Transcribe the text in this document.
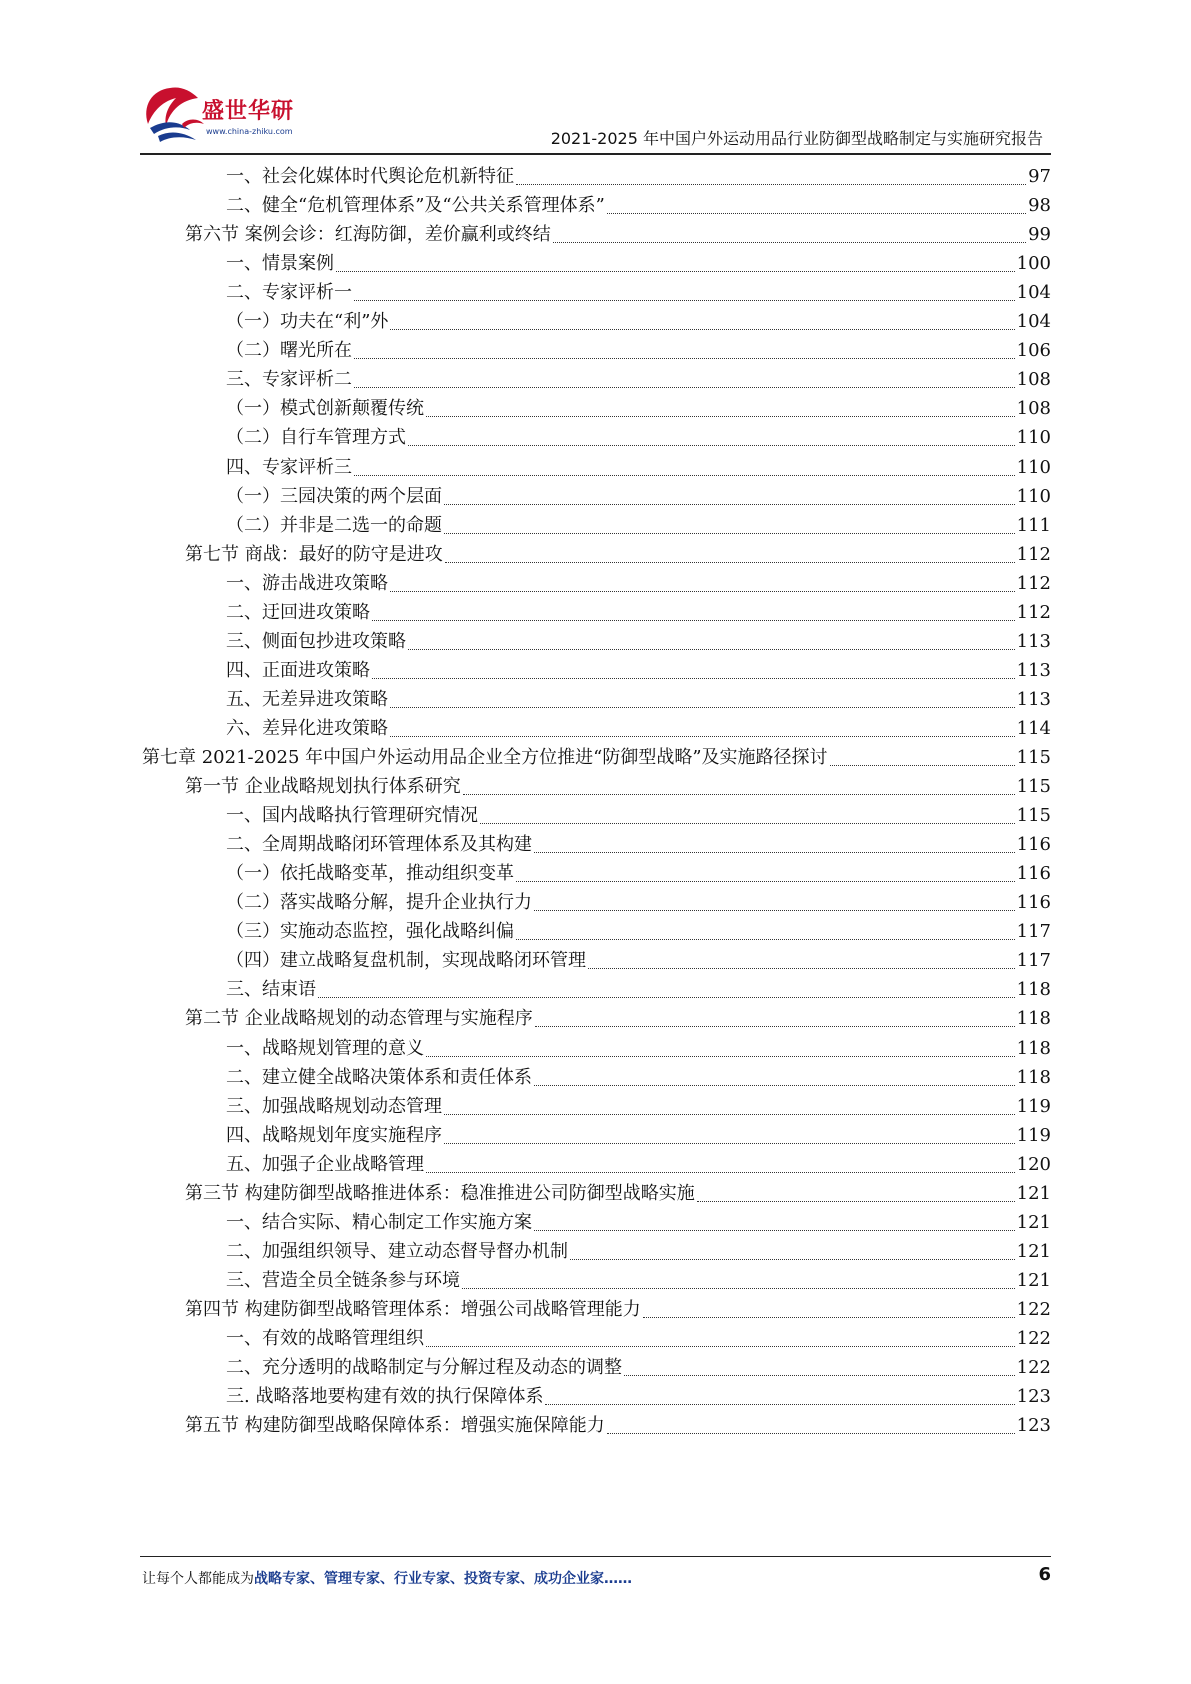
盛世华研
www.china-zhiku.com	2021-2025 年中国户外运动用品行业防御型战略制定与实施研究报告
一、社会化媒体时代舆论危机新特征	97
二、健全“危机管理体系”及“公共关系管理体系”	98
第六节 案例会诊：红海防御，差价赢利或终结	99
一、情景案例	100
二、专家评析一	104
（一）功夫在“利”外	104
（二）曙光所在	106
三、专家评析二	108
（一）模式创新颠覆传统	108
（二）自行车管理方式	110
四、专家评析三	110
（一）三园决策的两个层面	110
（二）并非是二选一的命题	111
第七节 商战：最好的防守是进攻	112
一、游击战进攻策略	112
二、迂回进攻策略	112
三、侧面包抄进攻策略	113
四、正面进攻策略	113
五、无差异进攻策略	113
六、差异化进攻策略	114
第七章 2021-2025 年中国户外运动用品企业全方位推进“防御型战略”及实施路径探讨	115
第一节 企业战略规划执行体系研究	115
一、国内战略执行管理研究情况	115
二、全周期战略闭环管理体系及其构建	116
（一）依托战略变革，推动组织变革	116
（二）落实战略分解，提升企业执行力	116
（三）实施动态监控，强化战略纠偏	117
（四）建立战略复盘机制，实现战略闭环管理	117
三、结束语	118
第二节 企业战略规划的动态管理与实施程序	118
一、战略规划管理的意义	118
二、建立健全战略决策体系和责任体系	118
三、加强战略规划动态管理	119
四、战略规划年度实施程序	119
五、加强子企业战略管理	120
第三节 构建防御型战略推进体系：稳准推进公司防御型战略实施	121
一、结合实际、精心制定工作实施方案	121
二、加强组织领导、建立动态督导督办机制	121
三、营造全员全链条参与环境	121
第四节 构建防御型战略管理体系：增强公司战略管理能力	122
一、有效的战略管理组织	122
二、充分透明的战略制定与分解过程及动态的调整	122
三. 战略落地要构建有效的执行保障体系	123
第五节 构建防御型战略保障体系：增强实施保障能力	123
让每个人都能成为战略专家、管理专家、行业专家、投资专家、成功企业家……	6
